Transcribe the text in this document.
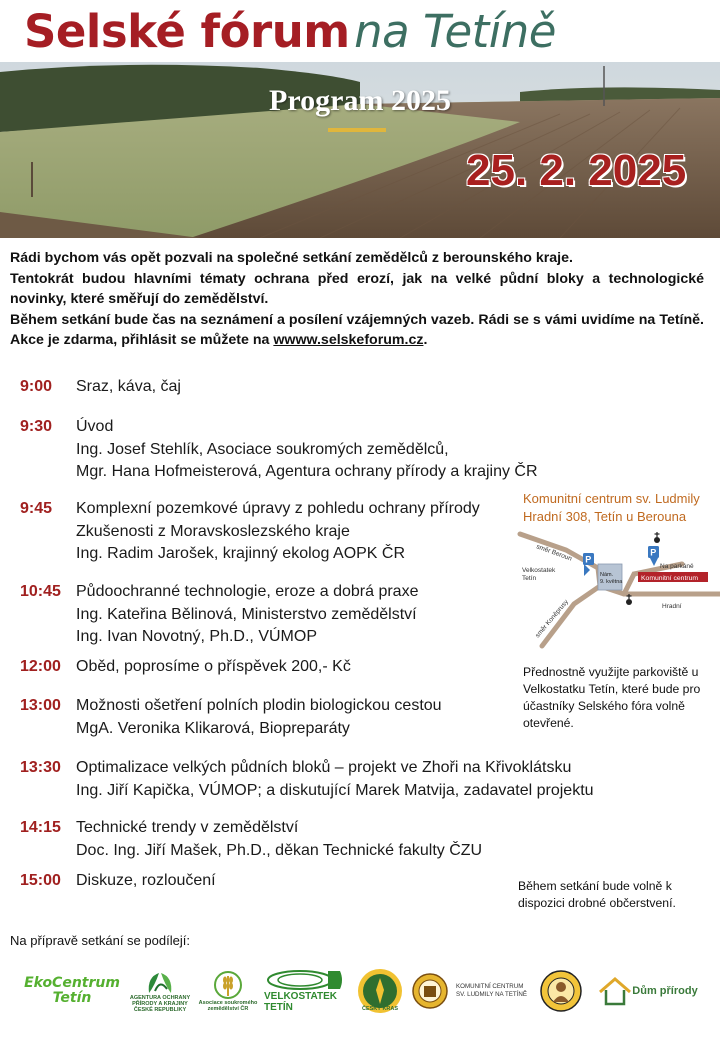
Selské fórum na Tetíně
Program 2025
25. 2. 2025

Rádi bychom vás opět pozvali na společné setkání zemědělců z berounského kraje.

Tentokrát budou hlavními tématy ochrana před erozí, jak na velké půdní bloky a technologické novinky, které směřují do zemědělství.

Během setkání bude čas na seznámení a posílení vzájemných vazeb. Rádi se s vámi uvidíme na Tetíně. Akce je zdarma, přihlásit se můžete na wwww.selskeforum.cz.

9:00	Sraz, káva, čaj
9:30	Úvod
Ing. Josef Stehlík, Asociace soukromých zemědělců,
Mgr. Hana Hofmeisterová, Agentura ochrany přírody a krajiny ČR
9:45	Komplexní pozemkové úpravy z pohledu ochrany přírody
Zkušenosti z Moravskoslezského kraje
Ing. Radim Jarošek, krajinný ekolog AOPK ČR
10:45 Půdoochranné technologie, eroze a dobrá praxe
Ing. Kateřina Bělinová, Ministerstvo zemědělství
Ing. Ivan Novotný, Ph.D., VÚMOP
12:00 Oběd, poprosíme o příspěvek 200,- Kč
13:00 Možnosti ošetření polních plodin biologickou cestou
MgA. Veronika Klikarová, Biopreparáty
13:30 Optimalizace velkých půdních bloků – projekt ve Zhoři na Křivoklátsku
Ing. Jiří Kapička, VÚMOP; a diskutující Marek Matvija, zadavatel projektu
14:15 Technické trendy v zemědělství
Doc. Ing. Jiří Mašek, Ph.D., děkan Technické fakulty ČZU
15:00 Diskuze, rozloučení
Komunitní centrum sv. Ludmily
Hradní 308, Tetín u Berouna
směr Beroun
směr Koněprusy
Velkostatek
Tetín	Nám.
9. května
Na parkáně
Hradní
P
P
Komunitní centrum
Přednostně využijte parkoviště u Velkostatku Tetín, které bude pro účastníky Selského fóra volně otevřené.
Během setkání bude volně k dispozici drobné občerstvení.
Na přípravě setkání se podílejí:
EkoCentrum
Tetín	AGENTURA OCHRANY
PŘÍRODY A KRAJINY
ČESKÉ REPUBLIKY
Asociace soukromého
zemědělství ČR
VELKOSTATEK TETÍN	ČESKÝ KRAS
KOMUNITNÍ CENTRUM
SV. LUDMILY NA TETÍNĚ	Dům přírody
